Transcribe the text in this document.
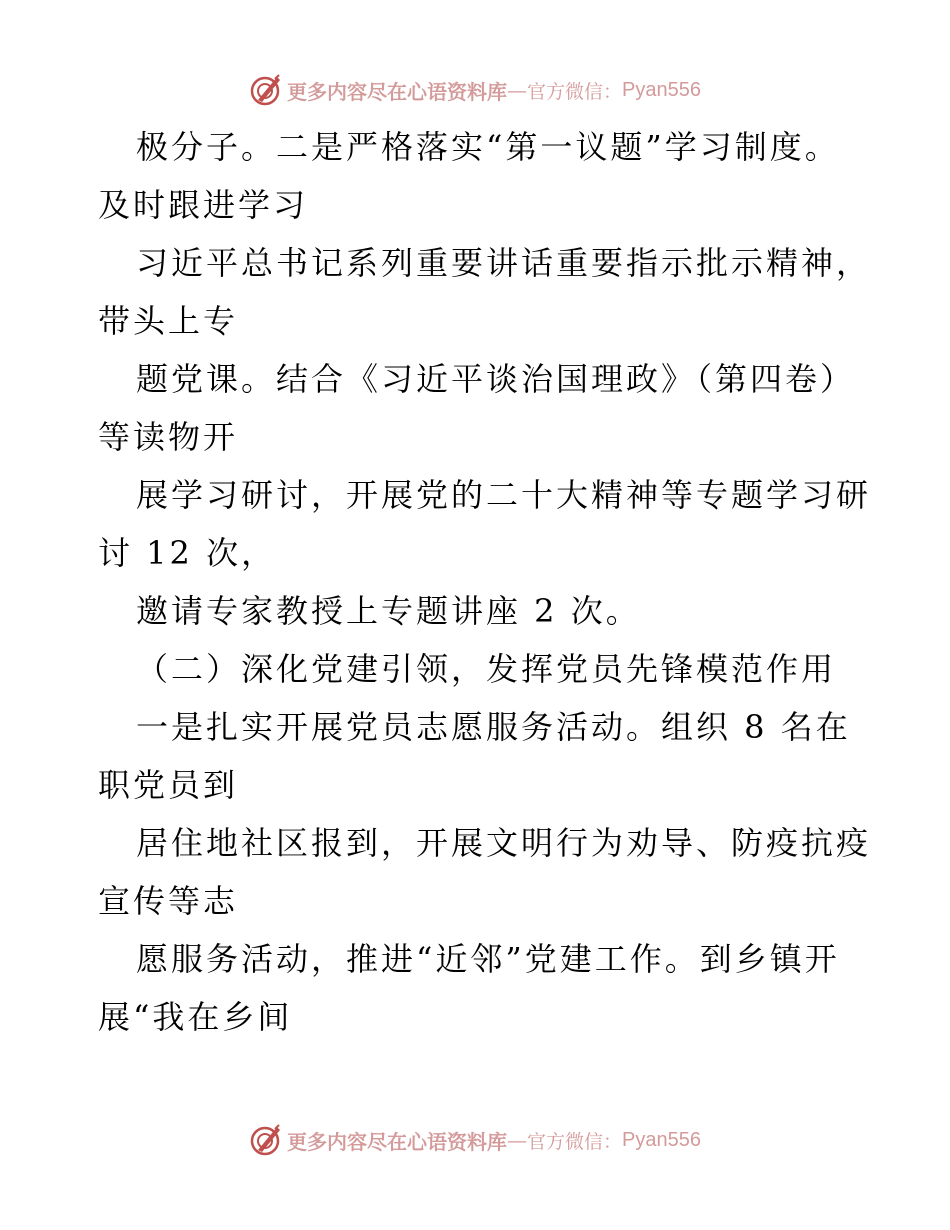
更多内容尽在心语资料库 — 官方微信： Pyan556
极分子。二是严格落实“第一议题”学习制度。
及时跟进学习
习近平总书记系列重要讲话重要指示批示精神，
带头上专
题党课。结合《习近平谈治国理政》（第四卷）
等读物开
展学习研讨，开展党的二十大精神等专题学习研
讨 12 次，
邀请专家教授上专题讲座 2 次。
（二）深化党建引领，发挥党员先锋模范作用
一是扎实开展党员志愿服务活动。组织 8 名在
职党员到
居住地社区报到，开展文明行为劝导、防疫抗疫
宣传等志
愿服务活动，推进“近邻”党建工作。到乡镇开
展“我在乡间
更多内容尽在心语资料库 — 官方微信： Pyan556
